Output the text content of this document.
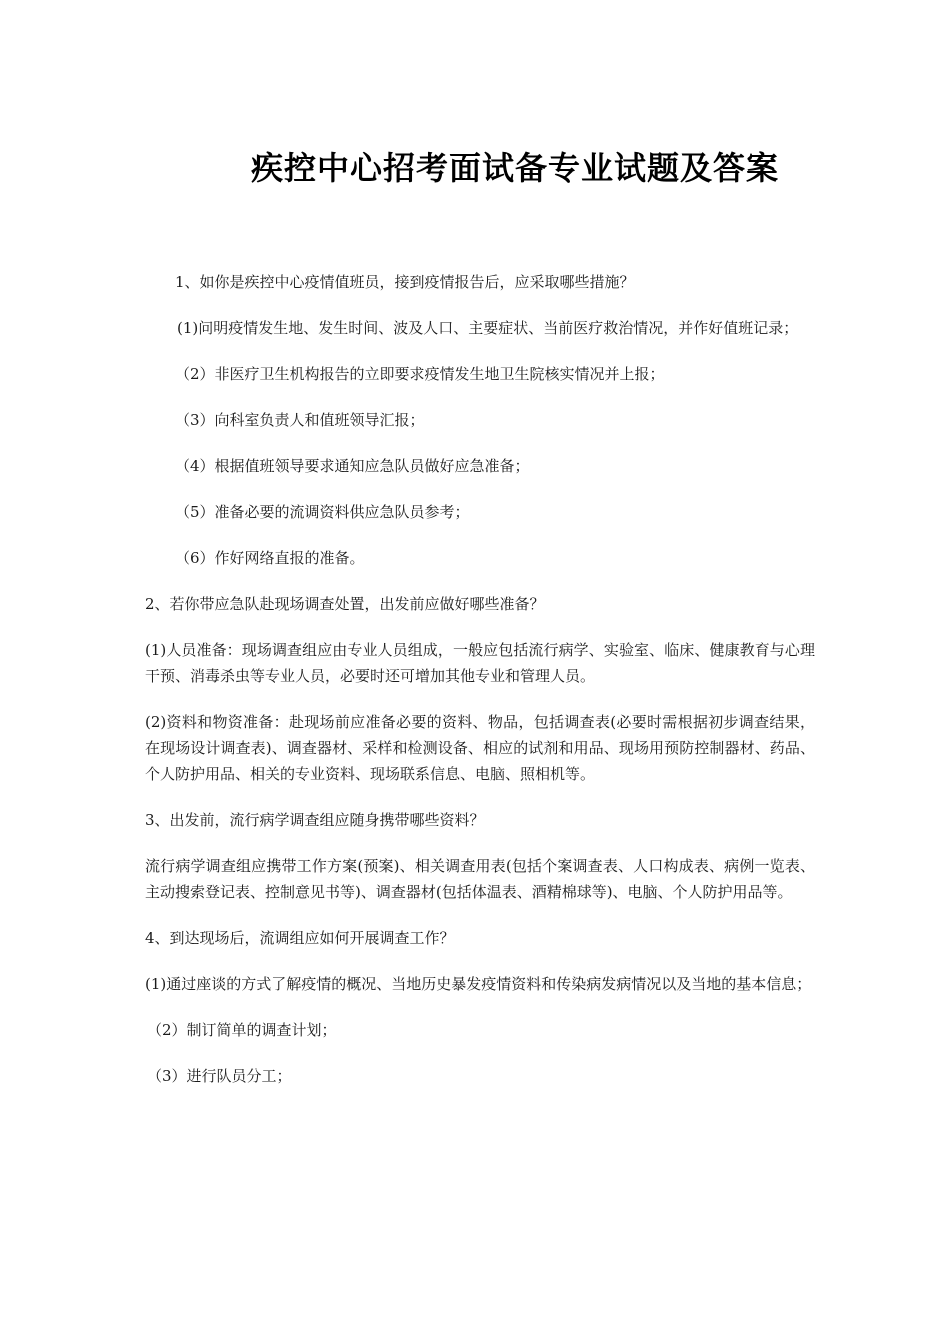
疾控中心招考面试备专业试题及答案

1、如你是疾控中心疫情值班员，接到疫情报告后，应采取哪些措施？

(1)问明疫情发生地、发生时间、波及人口、主要症状、当前医疗救治情况，并作好值班记录；

（2）非医疗卫生机构报告的立即要求疫情发生地卫生院核实情况并上报；

（3）向科室负责人和值班领导汇报；

（4）根据值班领导要求通知应急队员做好应急准备；

（5）准备必要的流调资料供应急队员参考；

（6）作好网络直报的准备。

2、若你带应急队赴现场调查处置，出发前应做好哪些准备？

(1)人员准备：现场调查组应由专业人员组成，一般应包括流行病学、实验室、临床、健康教育与心理干预、消毒杀虫等专业人员，必要时还可增加其他专业和管理人员。

(2)资料和物资准备：赴现场前应准备必要的资料、物品，包括调查表(必要时需根据初步调查结果，在现场设计调查表)、调查器材、采样和检测设备、相应的试剂和用品、现场用预防控制器材、药品、个人防护用品、相关的专业资料、现场联系信息、电脑、照相机等。

3、出发前，流行病学调查组应随身携带哪些资料？

流行病学调查组应携带工作方案(预案)、相关调查用表(包括个案调查表、人口构成表、病例一览表、主动搜索登记表、控制意见书等)、调查器材(包括体温表、酒精棉球等)、电脑、个人防护用品等。

4、到达现场后，流调组应如何开展调查工作？

(1)通过座谈的方式了解疫情的概况、当地历史暴发疫情资料和传染病发病情况以及当地的基本信息；

（2）制订简单的调查计划；

（3）进行队员分工；
